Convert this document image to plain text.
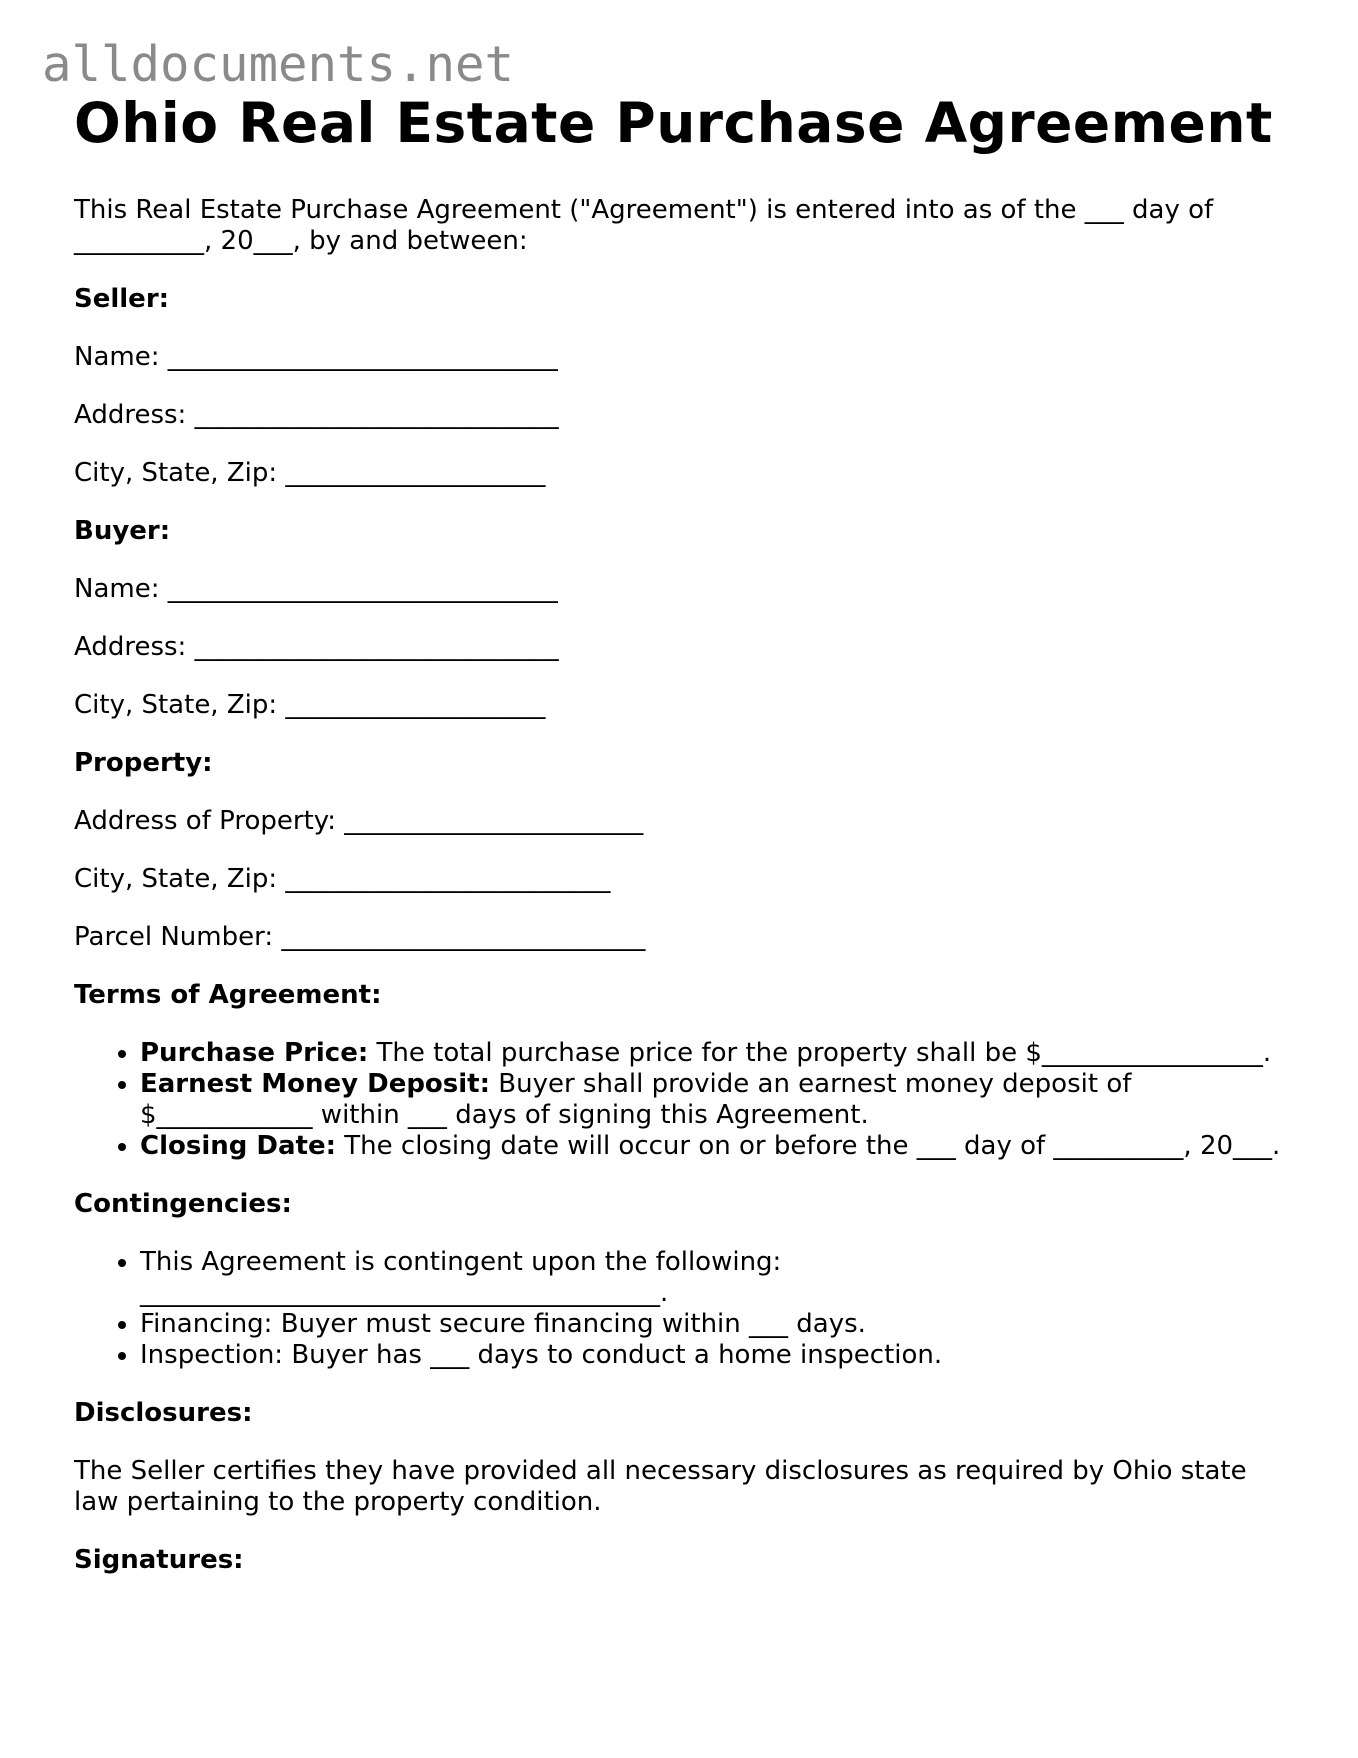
alldocuments.net
Ohio Real Estate Purchase Agreement

This Real Estate Purchase Agreement ("Agreement") is entered into as of the ___ day of __________, 20___, by and between:

Seller:
Name: ______________________________
Address: ____________________________
City, State, Zip: ____________________
Buyer:
Name: ______________________________
Address: ____________________________
City, State, Zip: ____________________
Property:
Address of Property: _______________________
City, State, Zip: _________________________
Parcel Number: ____________________________
Terms of Agreement:
• Purchase Price: The total purchase price for the property shall be $_________________.
• Earnest Money Deposit: Buyer shall provide an earnest money deposit of $____________ within ___ days of signing this Agreement.
• Closing Date: The closing date will occur on or before the ___ day of __________, 20___.
Contingencies:
• This Agreement is contingent upon the following: ________________________________________.
• Financing: Buyer must secure financing within ___ days.
• Inspection: Buyer has ___ days to conduct a home inspection.
Disclosures:

The Seller certifies they have provided all necessary disclosures as required by Ohio state law pertaining to the property condition.

Signatures:
